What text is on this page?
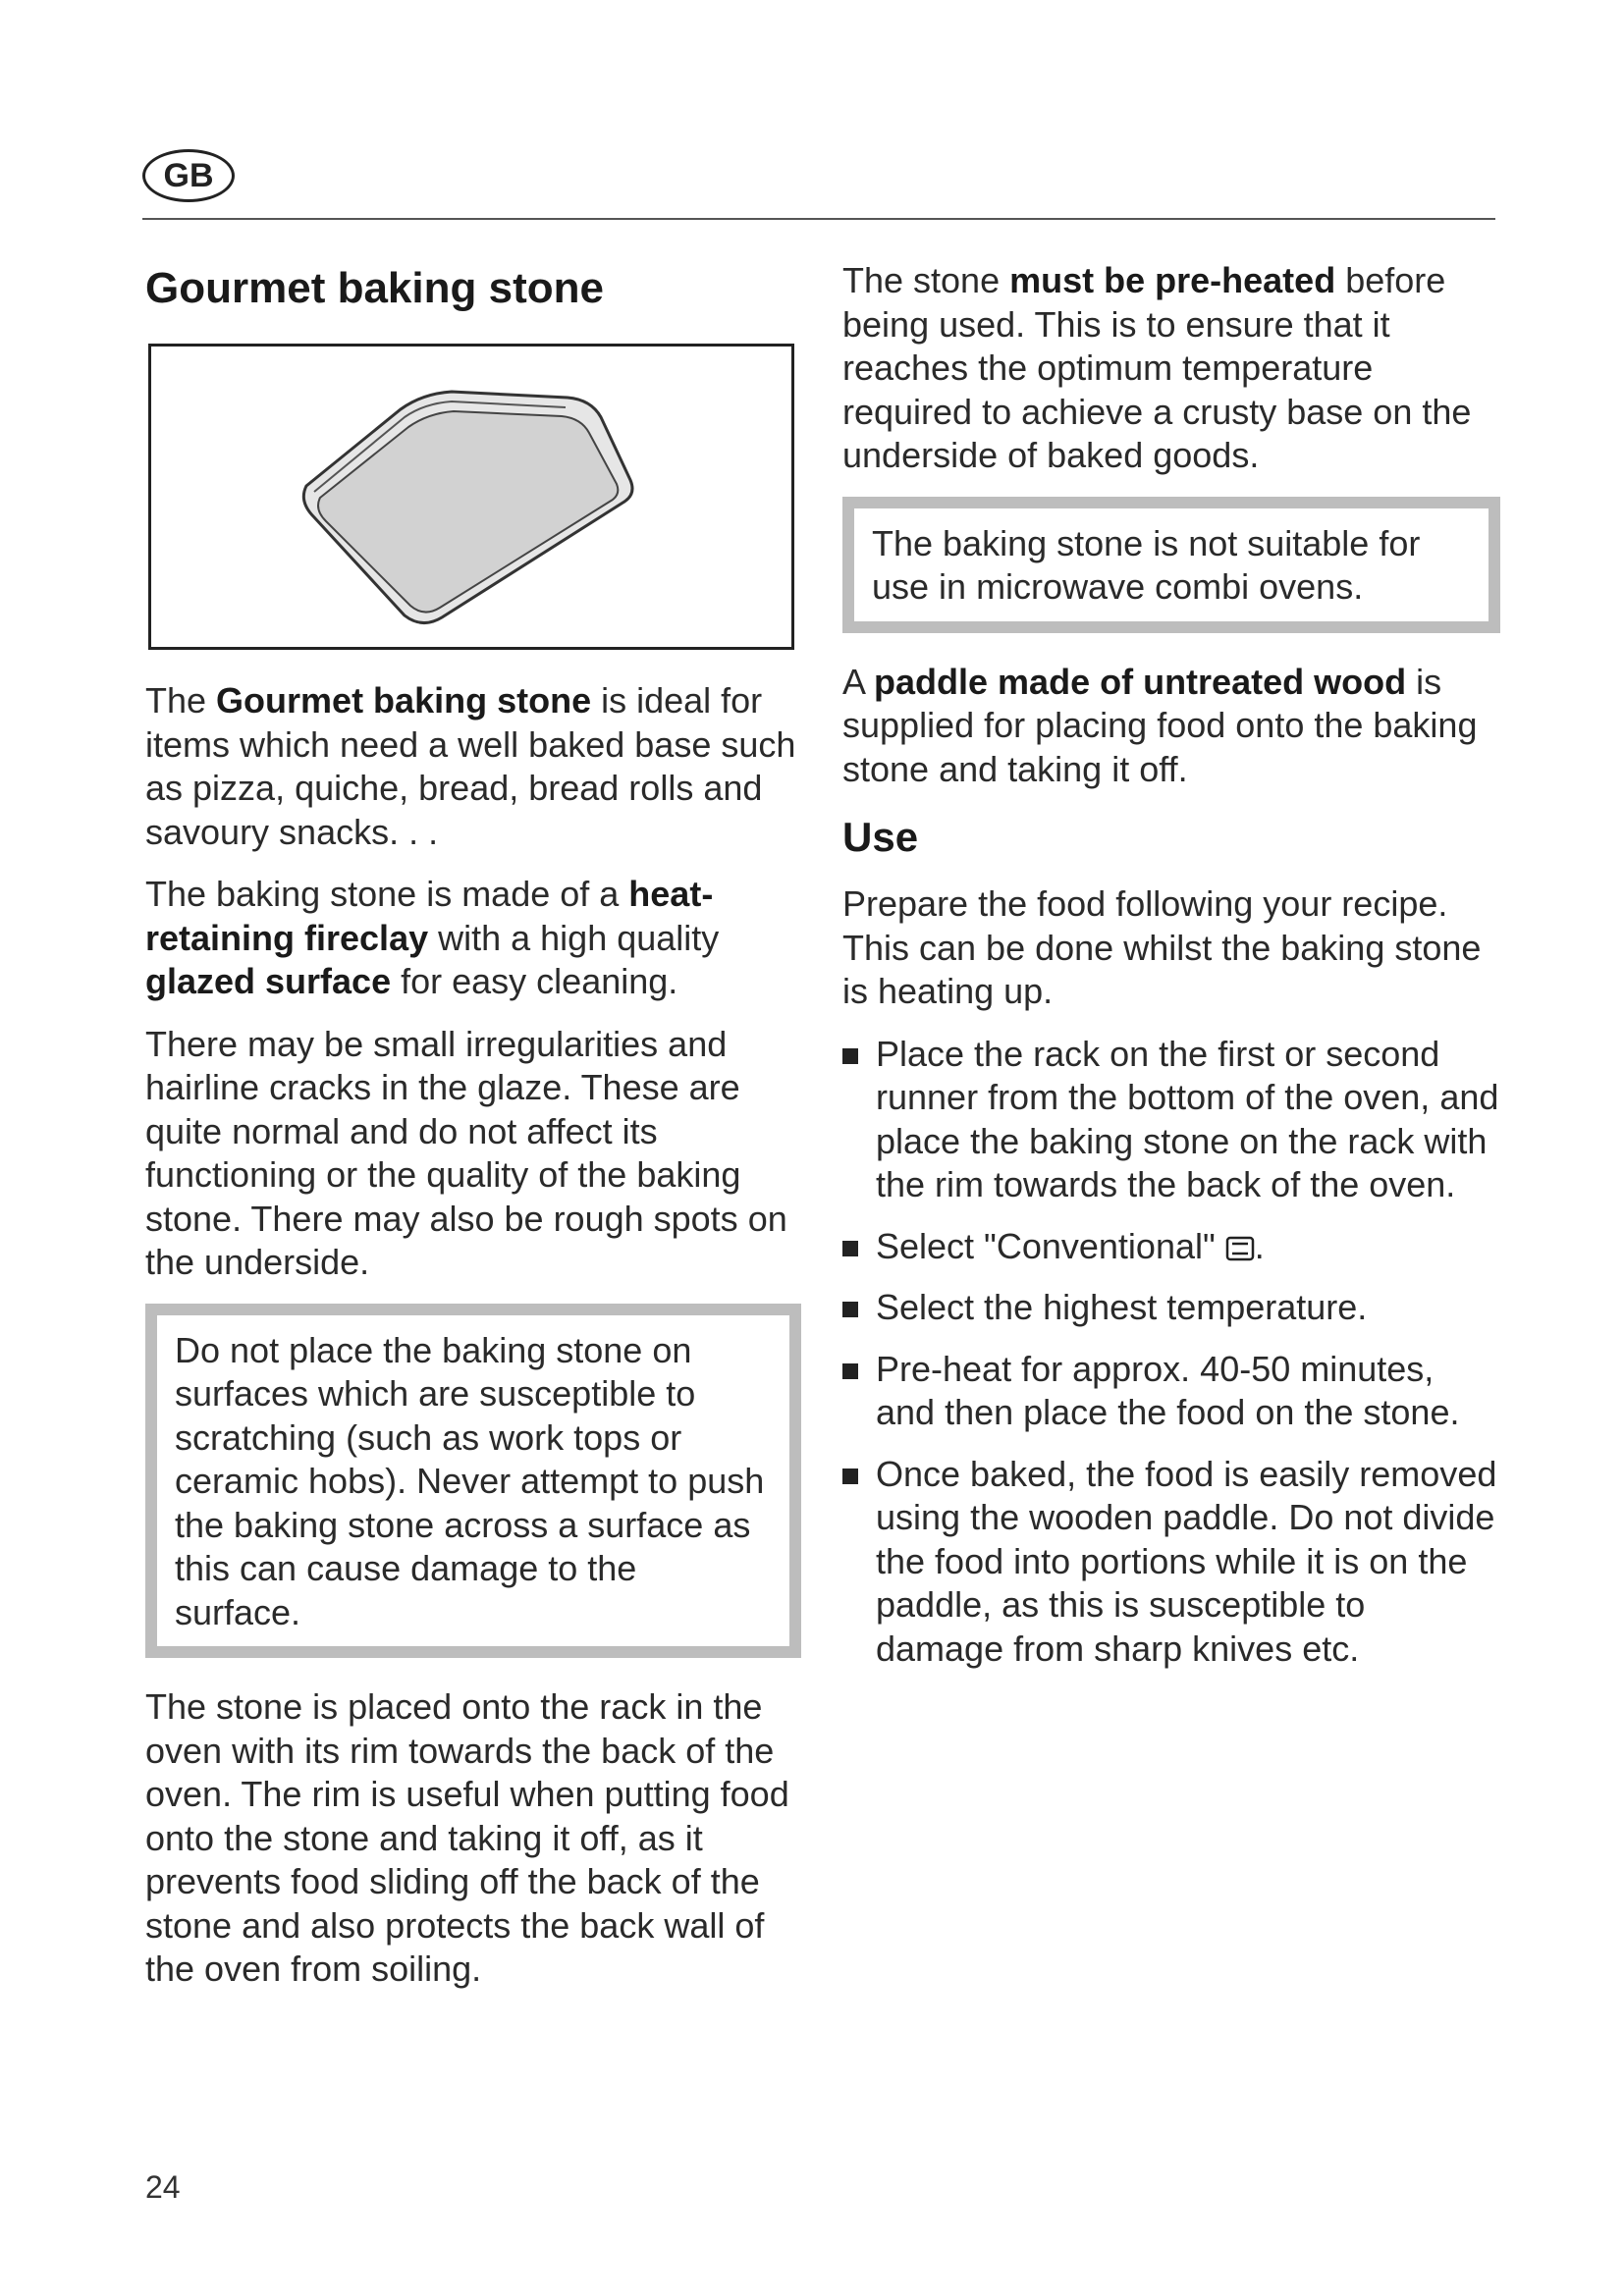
GB
Gourmet baking stone

The Gourmet baking stone is ideal for items which need a well baked base such as pizza, quiche, bread, bread rolls and savoury snacks. . .

The baking stone is made of a heat-retaining fireclay with a high quality glazed surface for easy cleaning.

There may be small irregularities and hairline cracks in the glaze. These are quite normal and do not affect its functioning or the quality of the baking stone. There may also be rough spots on the underside.

Do not place the baking stone on surfaces which are susceptible to scratching (such as work tops or ceramic hobs). Never attempt to push the baking stone across a surface as this can cause damage to the surface.

The stone is placed onto the rack in the oven with its rim towards the back of the oven. The rim is useful when putting food onto the stone and taking it off, as it prevents food sliding off the back of the stone and also protects the back wall of the oven from soiling.

The stone must be pre-heated before being used. This is to ensure that it reaches the optimum temperature required to achieve a crusty base on the underside of baked goods.

The baking stone is not suitable for use in microwave combi ovens.

A paddle made of untreated wood is supplied for placing food onto the baking stone and taking it off.

Use

Prepare the food following your recipe. This can be done whilst the baking stone is heating up.

Place the rack on the first or second runner from the bottom of the oven, and place the baking stone on the rack with the rim towards the back of the oven.
Select "Conventional" .
Select the highest temperature.
Pre-heat for approx. 40-50 minutes, and then place the food on the stone.
Once baked, the food is easily removed using the wooden paddle. Do not divide the food into portions while it is on the paddle, as this is susceptible to damage from sharp knives etc.
24
